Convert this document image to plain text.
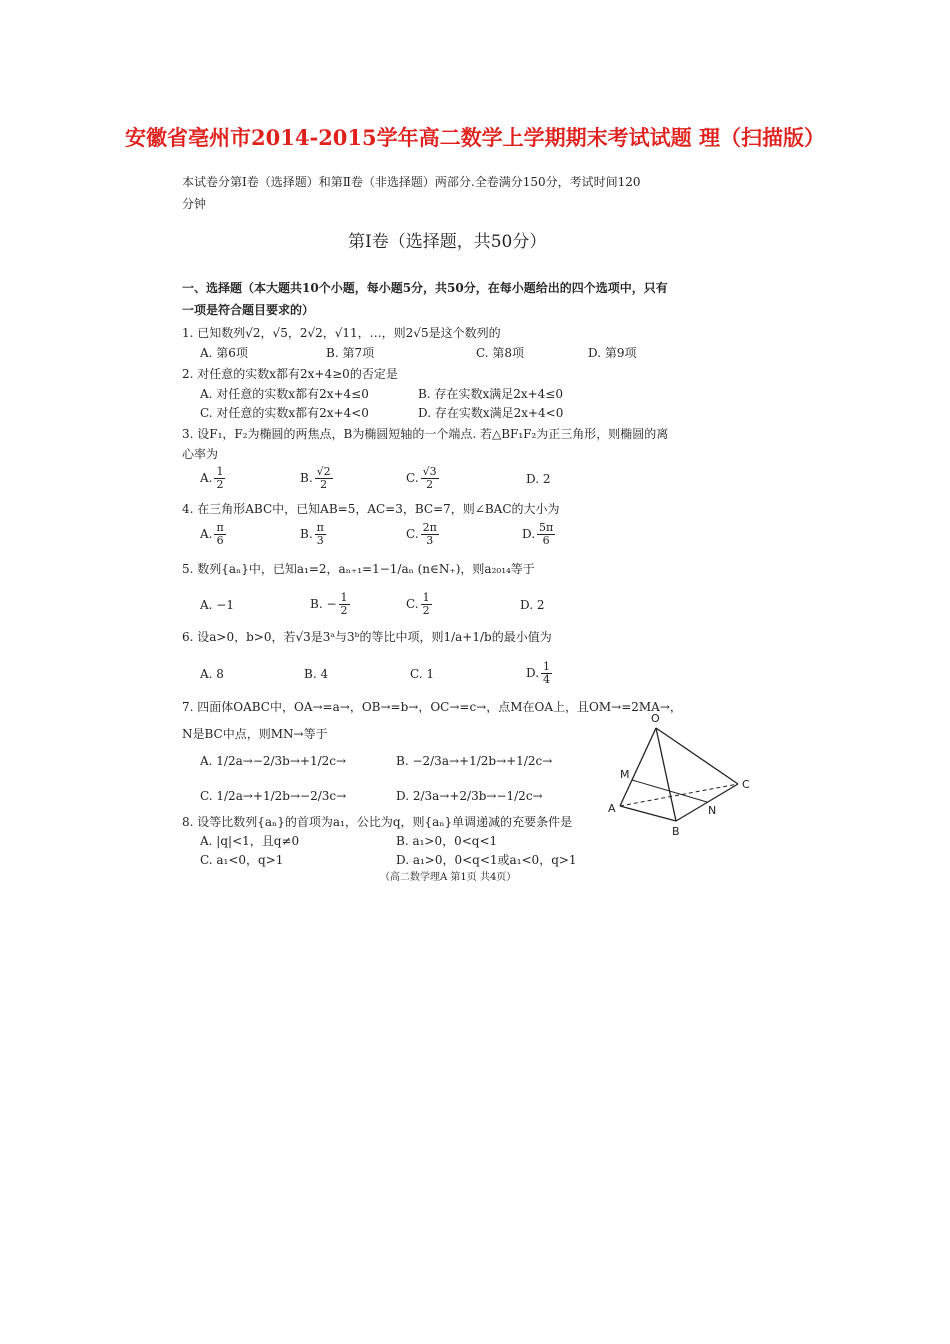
安徽省亳州市2014-2015学年高二数学上学期期末考试试题 理（扫描版）
本试卷分第Ⅰ卷（选择题）和第Ⅱ卷（非选择题）两部分.全卷满分150分，考试时间120
分钟
第Ⅰ卷（选择题，共50分）
一、选择题（本大题共10个小题，每小题5分，共50分，在每小题给出的四个选项中，只有
一项是符合题目要求的）
1. 已知数列√2，√5，2√2，√11，…，则2√5是这个数列的
A. 第6项	B. 第7项	C. 第8项	D. 第9项
2. 对任意的实数x都有2x+4≥0的否定是
A. 对任意的实数x都有2x+4≤0	B. 存在实数x满足2x+4≤0
C. 对任意的实数x都有2x+4<0	D. 存在实数x满足2x+4<0
3. 设F₁，F₂为椭圆的两焦点，B为椭圆短轴的一个端点. 若△BF₁F₂为正三角形，则椭圆的离
心率为
A. $\frac{1}{2}$	B. $\frac{√2}{2}$	C. $\frac{√3}{2}$	D. 2
4. 在三角形ABC中，已知AB=5，AC=3，BC=7，则∠BAC的大小为
A. $\frac{\pi}{6}$	B. $\frac{\pi}{3}$	C. $\frac{2\pi}{3}$	D. $\frac{5\pi}{6}$
5. 数列{aₙ}中，已知a₁=2，aₙ₊₁=1−1/aₙ (n∈N₊)，则a₂₀₁₄等于
A. −1	B. − $\frac{1}{2}$	C. $\frac{1}{2}$	D. 2
6. 设a>0，b>0，若√3是3ᵃ与3ᵇ的等比中项，则1/a+1/b的最小值为
A. 8	B. 4	C. 1	D. $\frac{1}{4}$
7. 四面体OABC中，OA→=a→，OB→=b→，OC→=c→，点M在OA上，且OM→=2MA→，
N是BC中点，则MN→等于
A. 1/2a→−2/3b→+1/2c→	B. −2/3a→+1/2b→+1/2c→
C. 1/2a→+1/2b→−2/3c→	D. 2/3a→+2/3b→−1/2c→
O
M
A
B
C
N
8. 设等比数列{aₙ}的首项为a₁，公比为q，则{aₙ}单调递减的充要条件是
A. |q|<1，且q≠0	B. a₁>0，0<q<1
C. a₁<0，q>1	D. a₁>0，0<q<1或a₁<0，q>1
（高二数学理A 第1页 共4页）
